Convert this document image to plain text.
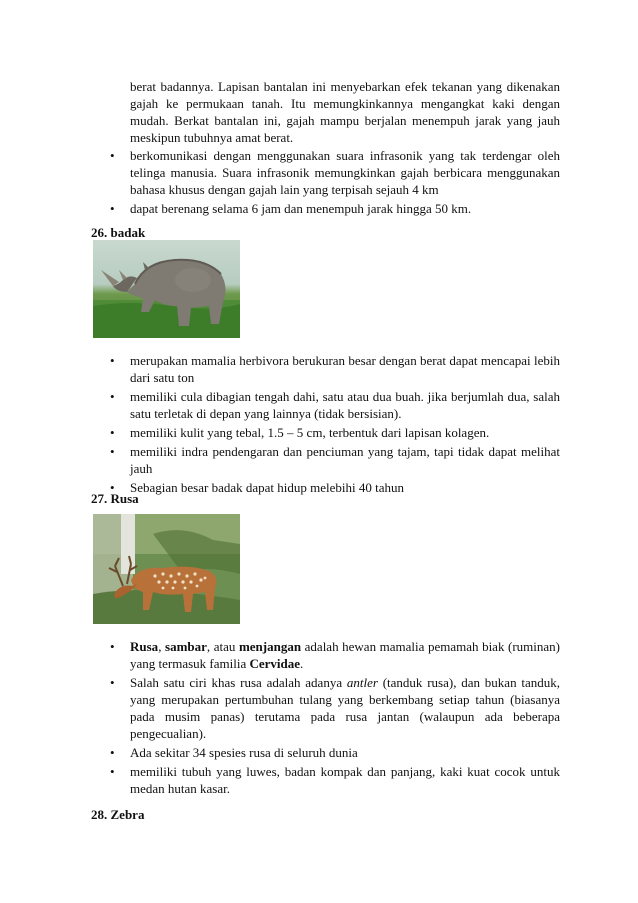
berat badannya. Lapisan bantalan ini menyebarkan efek tekanan yang dikenakan gajah ke permukaan tanah. Itu memungkinkannya mengangkat kaki dengan mudah. Berkat bantalan ini, gajah mampu berjalan menempuh jarak yang jauh meskipun tubuhnya amat berat.
• berkomunikasi dengan menggunakan suara infrasonik yang tak terdengar oleh telinga manusia. Suara infrasonik memungkinkan gajah berbicara menggunakan bahasa khusus dengan gajah lain yang terpisah sejauh 4 km
• dapat berenang selama 6 jam dan menempuh jarak hingga 50 km.
26. badak
• merupakan mamalia herbivora berukuran besar dengan berat dapat mencapai lebih dari satu ton
• memiliki cula dibagian tengah dahi, satu atau dua buah. jika berjumlah dua, salah satu terletak di depan yang lainnya (tidak bersisian).
• memiliki kulit yang tebal, 1.5 – 5 cm, terbentuk dari lapisan kolagen.
• memiliki indra pendengaran dan penciuman yang tajam, tapi tidak dapat melihat jauh
• Sebagian besar badak dapat hidup melebihi 40 tahun
27. Rusa
• Rusa, sambar, atau menjangan adalah hewan mamalia pemamah biak (ruminan) yang termasuk familia Cervidae.
• Salah satu ciri khas rusa adalah adanya antler (tanduk rusa), dan bukan tanduk, yang merupakan pertumbuhan tulang yang berkembang setiap tahun (biasanya pada musim panas) terutama pada rusa jantan (walaupun ada beberapa pengecualian).
• Ada sekitar 34 spesies rusa di seluruh dunia
• memiliki tubuh yang luwes, badan kompak dan panjang, kaki kuat cocok untuk medan hutan kasar.
28. Zebra
